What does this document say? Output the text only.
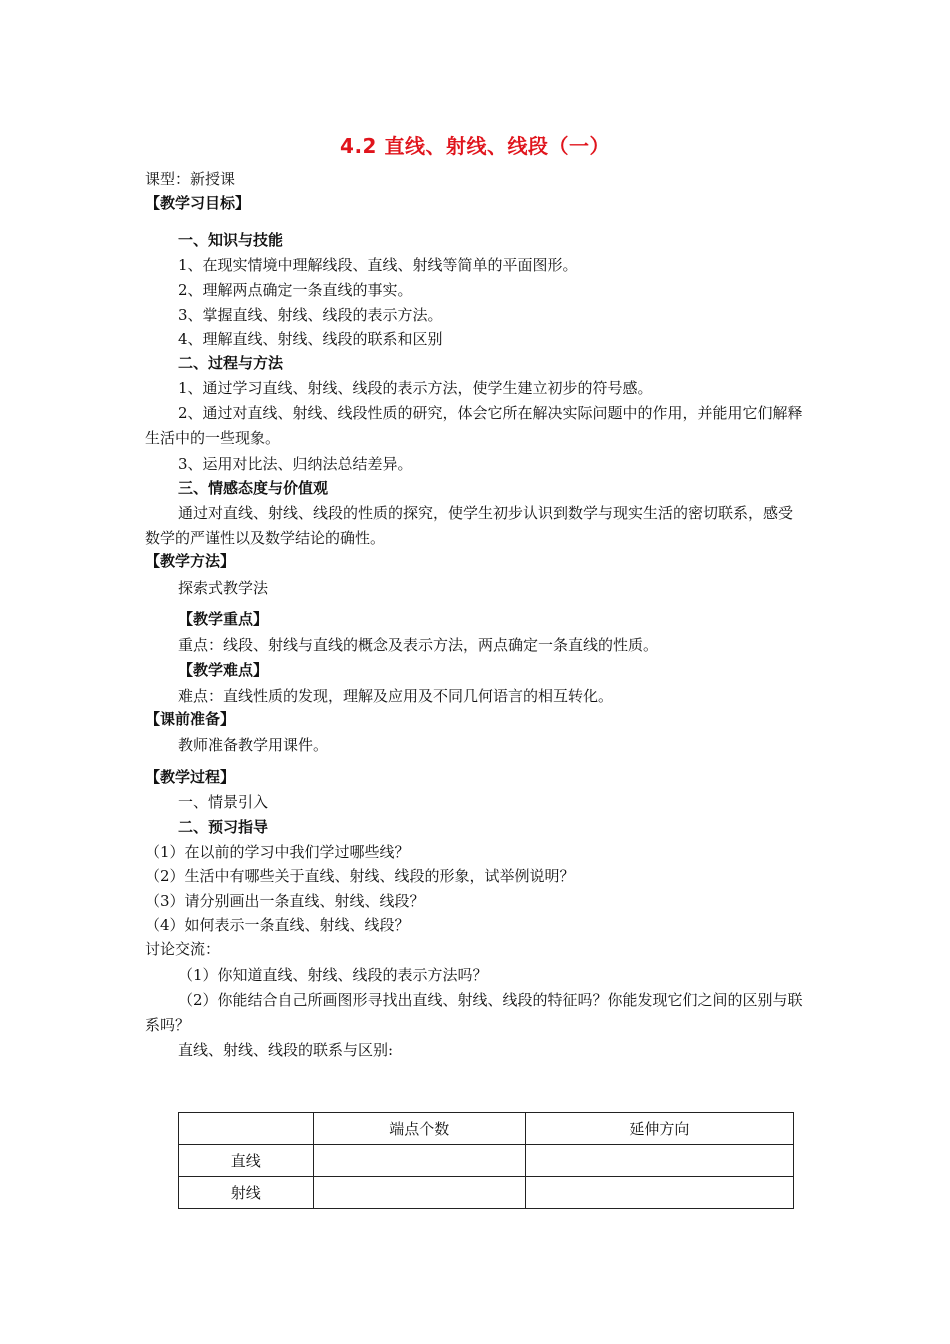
4.2 直线、射线、线段（一）
课型：新授课
【教学习目标】
一、知识与技能
1、在现实情境中理解线段、直线、射线等简单的平面图形。
2、理解两点确定一条直线的事实。
3、掌握直线、射线、线段的表示方法。
4、理解直线、射线、线段的联系和区别
二、过程与方法
1、通过学习直线、射线、线段的表示方法，使学生建立初步的符号感。
2、通过对直线、射线、线段性质的研究，体会它所在解决实际问题中的作用，并能用它们解释生活中的一些现象。
3、运用对比法、归纳法总结差异。
三、情感态度与价值观
通过对直线、射线、线段的性质的探究，使学生初步认识到数学与现实生活的密切联系，感受数学的严谨性以及数学结论的确性。
【教学方法】
探索式教学法
【教学重点】
重点：线段、射线与直线的概念及表示方法，两点确定一条直线的性质。
【教学难点】
难点：直线性质的发现，理解及应用及不同几何语言的相互转化。
【课前准备】
教师准备教学用课件。
【教学过程】
一、情景引入
二、预习指导
（1）在以前的学习中我们学过哪些线？
（2）生活中有哪些关于直线、射线、线段的形象，试举例说明？
（3）请分别画出一条直线、射线、线段？
（4）如何表示一条直线、射线、线段？
讨论交流：
（1）你知道直线、射线、线段的表示方法吗？
（2）你能结合自己所画图形寻找出直线、射线、线段的特征吗？你能发现它们之间的区别与联系吗？
直线、射线、线段的联系与区别:
	端点个数	延伸方向
直线		
射线		
